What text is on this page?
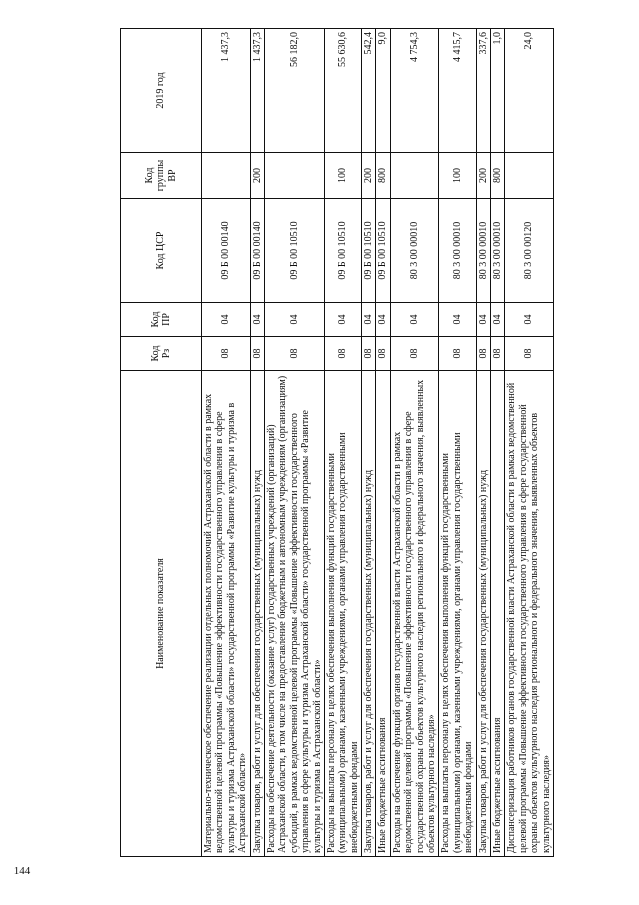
144
Наименование показателя	Код Рз	Код ПР	Код ЦСР	Код группы ВР	2019 год
Материально-техническое обеспечение реализации отдельных полномочий Астраханской области в рамках ведомственной целевой программы «Повышение эффективности государственного управления в сфере культуры и туризма Астраханской области» государственной программы «Развитие культуры и туризма в Астраханской области»	08	04	09 Б 00 00140		1 437,3
Закупка товаров, работ и услуг для обеспечения государственных (муниципальных) нужд	08	04	09 Б 00 00140	200	1 437,3
Расходы на обеспечение деятельности (оказание услуг) государственных учреждений (организаций) Астраханской области, в том числе на предоставление бюджетным и автономным учреждениям (организациям) субсидий, в рамках ведомственной целевой программы «Повышение эффективности государственного управления в сфере культуры и туризма Астраханской области» государственной программы «Развитие культуры и туризма в Астраханской области»	08	04	09 Б 00 10510		56 182,0
Расходы на выплаты персоналу в целях обеспечения выполнения функций государственными (муниципальными) органами, казенными учреждениями, органами управления государственными внебюджетными фондами	08	04	09 Б 00 10510	100	55 630,6
Закупка товаров, работ и услуг для обеспечения государственных (муниципальных) нужд	08	04	09 Б 00 10510	200	542,4
Иные бюджетные ассигнования	08	04	09 Б 00 10510	800	9,0
Расходы на обеспечение функций органов государственной власти Астраханской области в рамках ведомственной целевой программы «Повышение эффективности государственного управления в сфере государственной охраны объектов культурного наследия регионального и федерального значения, выявленных объектов культурного наследия»	08	04	80 3 00 00010		4 754,3
Расходы на выплаты персоналу в целях обеспечения выполнения функций государственными (муниципальными) органами, казенными учреждениями, органами управления государственными внебюджетными фондами	08	04	80 3 00 00010	100	4 415,7
Закупка товаров, работ и услуг для обеспечения государственных (муниципальных) нужд	08	04	80 3 00 00010	200	337,6
Иные бюджетные ассигнования	08	04	80 3 00 00010	800	1,0
Диспансеризация работников органов государственной власти Астраханской области в рамках ведомственной целевой программы «Повышение эффективности государственного управления в сфере государственной охраны объектов культурного наследия регионального и федерального значения, выявленных объектов культурного наследия»	08	04	80 3 00 00120		24,0
